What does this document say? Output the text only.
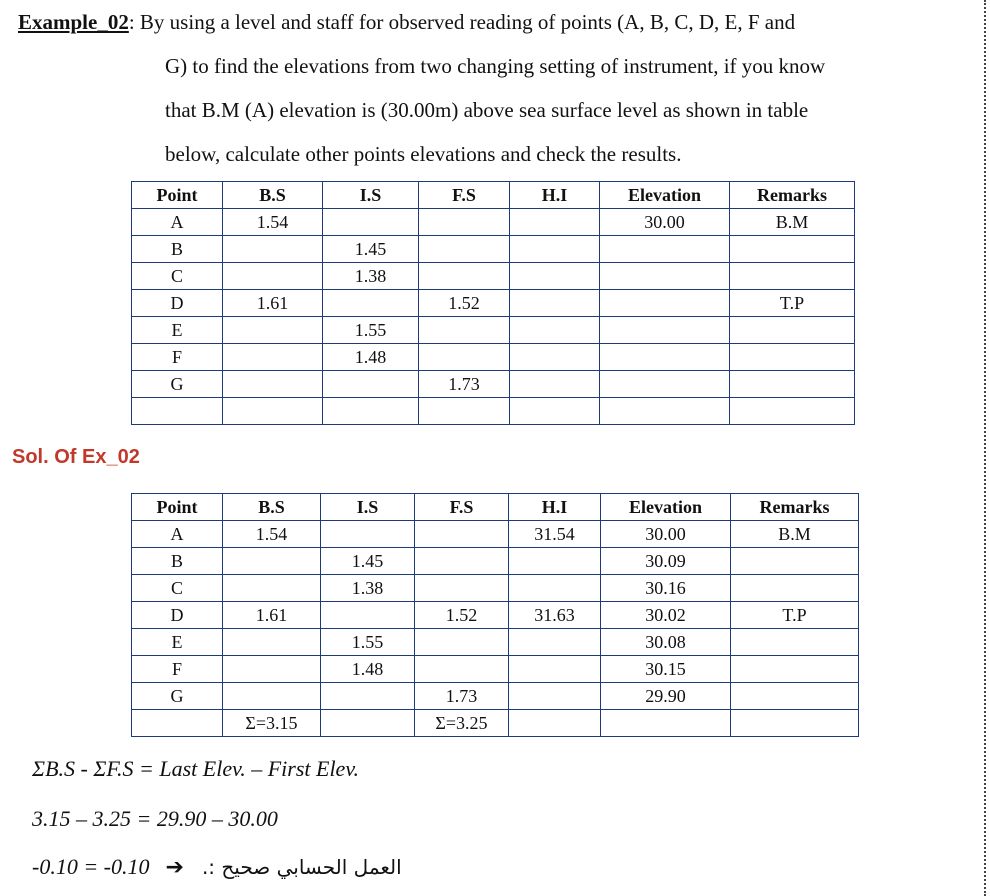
Example_02: By using a level and staff for observed reading of points (A, B, C, D, E, F and
G) to find the elevations from two changing setting of instrument, if you know
that B.M (A) elevation is (30.00m) above sea surface level as shown in table
below, calculate other points elevations and check the results.
Point	B.S	I.S	F.S	H.I	Elevation	Remarks
A	1.54				30.00	B.M
B		1.45				
C		1.38				
D	1.61		1.52			T.P
E		1.55				
F		1.48				
G			1.73			

Sol. Of Ex_02
Point	B.S	I.S	F.S	H.I	Elevation	Remarks
A	1.54			31.54	30.00	B.M
B		1.45			30.09	
C		1.38			30.16	
D	1.61		1.52	31.63	30.02	T.P
E		1.55			30.08	
F		1.48			30.15	
G			1.73		29.90	
	Σ=3.15		Σ=3.25			
ΣB.S - ΣF.S = Last Elev. – First Elev.
3.15 – 3.25 = 29.90 – 30.00
-0.10 = -0.10 ➔ العمل الحسابي صحيح :.
